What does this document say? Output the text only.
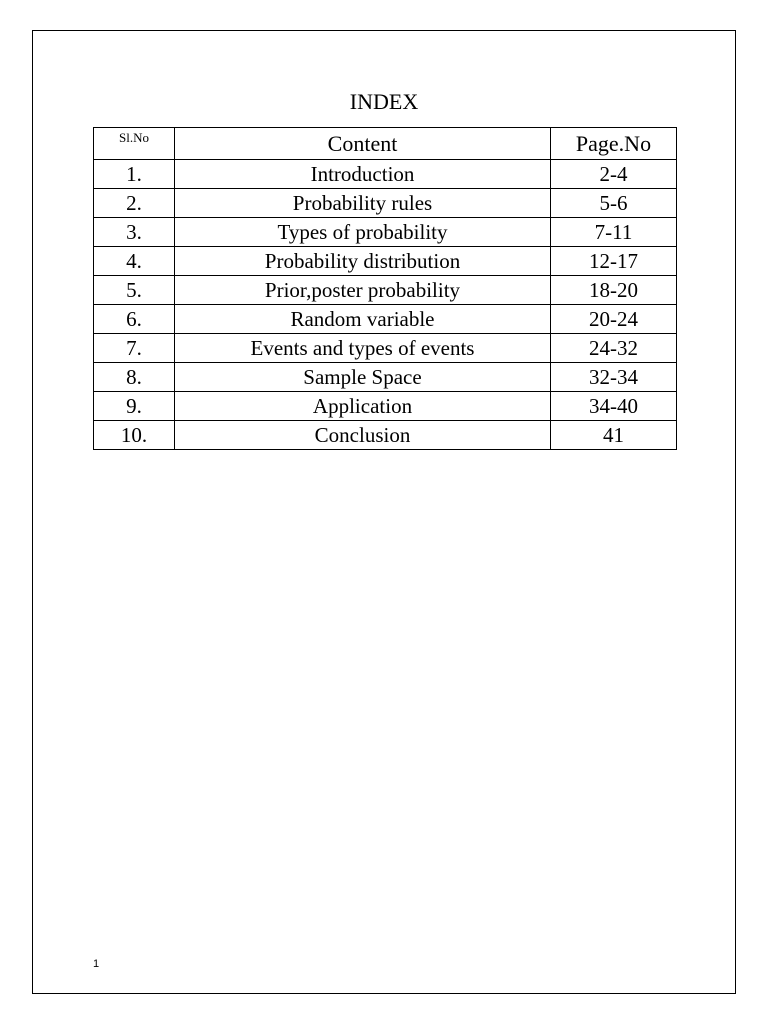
INDEX
Sl.No	Content	Page.No
1.	Introduction	2-4
2.	Probability rules	5-6
3.	Types of probability	7-11
4.	Probability distribution	12-17
5.	Prior,poster probability	18-20
6.	Random variable	20-24
7.	Events and types of events	24-32
8.	Sample Space	32-34
9.	Application	34-40
10.	Conclusion	41
1
